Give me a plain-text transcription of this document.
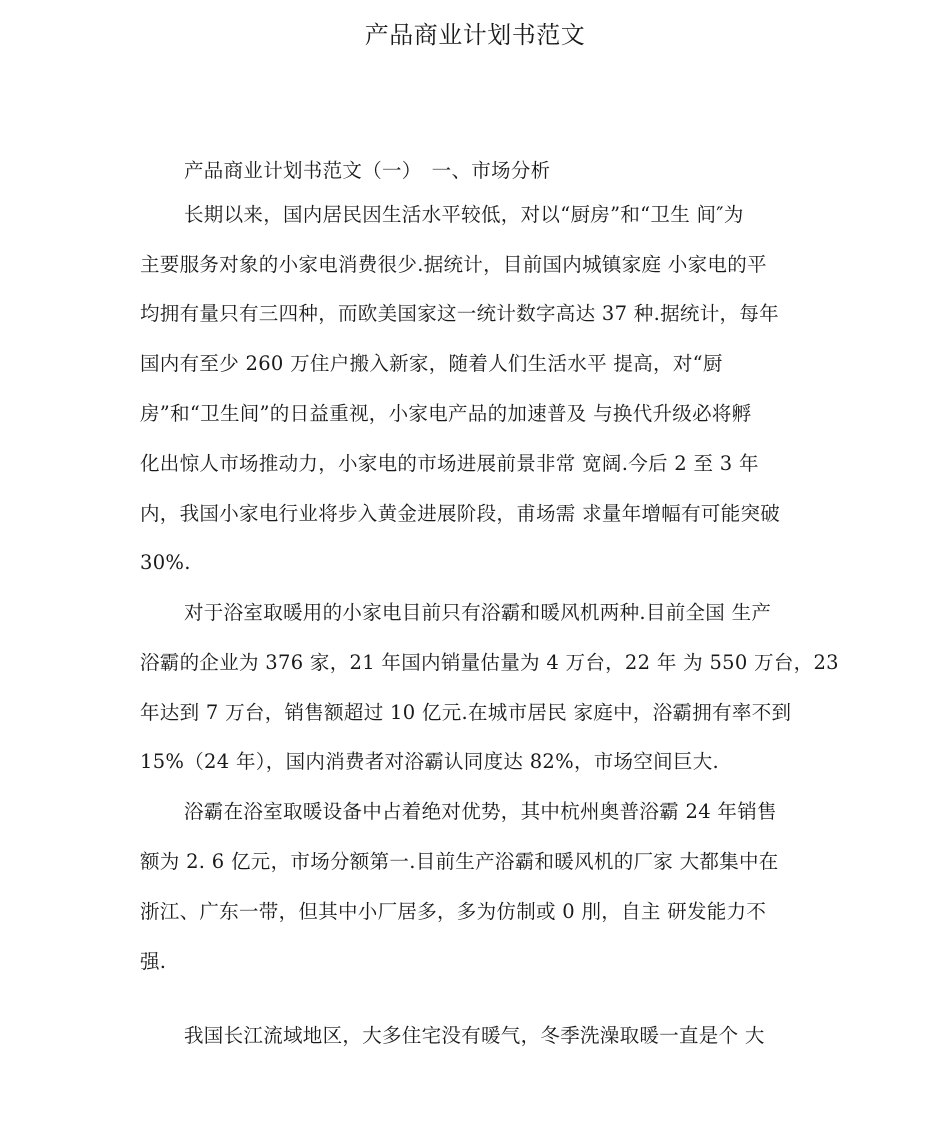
产品商业计划书范文
产品商业计划书范文（一）　一、市场分析
长期以来，国内居民因生活水平较低，对以“厨房”和“卫生 间″为
主要服务对象的小家电消费很少.据统计，目前国内城镇家庭 小家电的平
均拥有量只有三四种，而欧美国家这一统计数字高达 37 种.据统计，每年
国内有至少 260 万住户搬入新家，随着人们生活水平 提高，对“厨
房”和“卫生间”的日益重视，小家电产品的加速普及 与换代升级必将孵
化出惊人市场推动力，小家电的市场进展前景非常 宽阔.今后 2 至 3 年
内，我国小家电行业将步入黄金进展阶段，甫场需 求量年增幅有可能突破
30%.
对于浴室取暖用的小家电目前只有浴霸和暖风机两种.目前全国 生产
浴霸的企业为 376 家，21 年国内销量估量为 4 万台，22 年 为 550 万台，23
年达到 7 万台，销售额超过 10 亿元.在城市居民 家庭中，浴霸拥有率不到
15%（24 年），国内消费者对浴霸认同度达 82%，市场空间巨大.
浴霸在浴室取暖设备中占着绝对优势，其中杭州奥普浴霸 24 年销售
额为 2. 6 亿元，市场分额第一.目前生产浴霸和暖风机的厂家 大都集中在
浙江、广东一带，但其中小厂居多，多为仿制或 0 刖，自主 研发能力不
强.
我国长江流域地区，大多住宅没有暖气，冬季洗澡取暖一直是个 大
